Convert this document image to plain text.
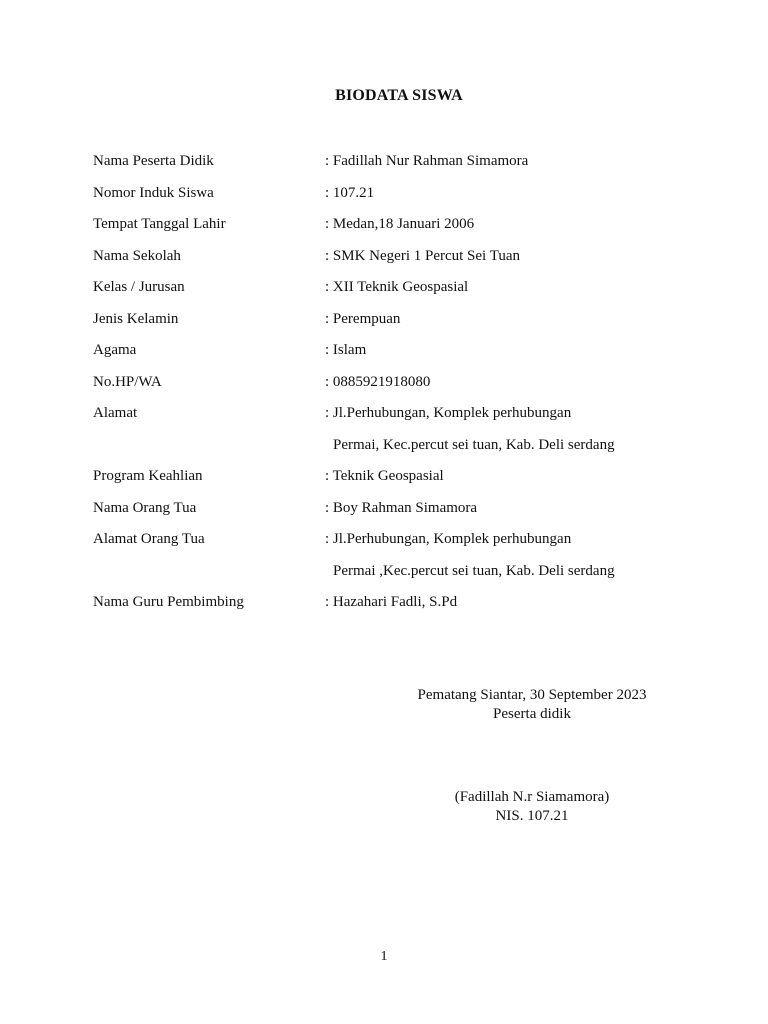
BIODATA SISWA
Nama Peserta Didik	: Fadillah Nur Rahman Simamora
Nomor Induk Siswa	: 107.21
Tempat Tanggal Lahir	: Medan,18 Januari 2006
Nama Sekolah	: SMK Negeri 1 Percut Sei Tuan
Kelas / Jurusan	: XII Teknik Geospasial
Jenis Kelamin	: Perempuan
Agama	: Islam
No.HP/WA	: 0885921918080
Alamat	: Jl.Perhubungan, Komplek perhubungan
Permai, Kec.percut sei tuan, Kab. Deli serdang
Program Keahlian	: Teknik Geospasial
Nama Orang Tua	: Boy Rahman Simamora
Alamat Orang Tua	: Jl.Perhubungan, Komplek perhubungan
Permai ,Kec.percut sei tuan, Kab. Deli serdang
Nama Guru Pembimbing	: Hazahari Fadli, S.Pd
Pematang Siantar, 30 September 2023
Peserta didik
(Fadillah N.r Siamamora)
NIS. 107.21
1
